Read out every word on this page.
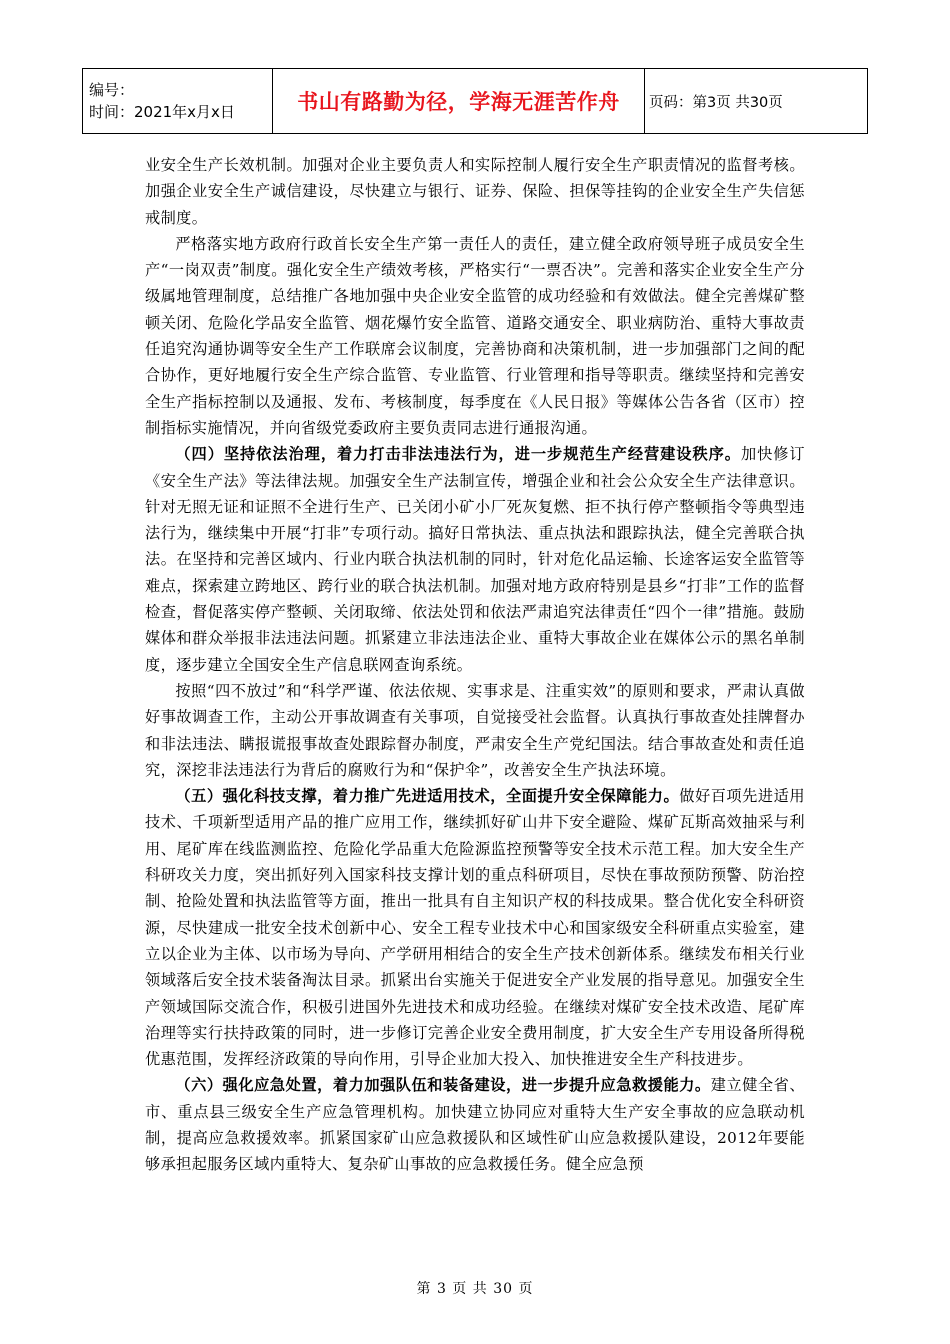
编号：
时间：2021年x月x日	书山有路勤为径，学海无涯苦作舟 页码：第3页 共30页

业安全生产长效机制。加强对企业主要负责人和实际控制人履行安全生产职责情况的监督考核。加强企业安全生产诚信建设，尽快建立与银行、证券、保险、担保等挂钩的企业安全生产失信惩戒制度。

严格落实地方政府行政首长安全生产第一责任人的责任，建立健全政府领导班子成员安全生产“一岗双责”制度。强化安全生产绩效考核，严格实行“一票否决”。完善和落实企业安全生产分级属地管理制度，总结推广各地加强中央企业安全监管的成功经验和有效做法。健全完善煤矿整顿关闭、危险化学品安全监管、烟花爆竹安全监管、道路交通安全、职业病防治、重特大事故责任追究沟通协调等安全生产工作联席会议制度，完善协商和决策机制，进一步加强部门之间的配合协作，更好地履行安全生产综合监管、专业监管、行业管理和指导等职责。继续坚持和完善安全生产指标控制以及通报、发布、考核制度，每季度在《人民日报》等媒体公告各省（区市）控制指标实施情况，并向省级党委政府主要负责同志进行通报沟通。

（四）坚持依法治理，着力打击非法违法行为，进一步规范生产经营建设秩序。加快修订《安全生产法》等法律法规。加强安全生产法制宣传，增强企业和社会公众安全生产法律意识。针对无照无证和证照不全进行生产、已关闭小矿小厂死灰复燃、拒不执行停产整顿指令等典型违法行为，继续集中开展“打非”专项行动。搞好日常执法、重点执法和跟踪执法，健全完善联合执法。在坚持和完善区域内、行业内联合执法机制的同时，针对危化品运输、长途客运安全监管等难点，探索建立跨地区、跨行业的联合执法机制。加强对地方政府特别是县乡“打非”工作的监督检查，督促落实停产整顿、关闭取缔、依法处罚和依法严肃追究法律责任“四个一律”措施。鼓励媒体和群众举报非法违法问题。抓紧建立非法违法企业、重特大事故企业在媒体公示的黑名单制度，逐步建立全国安全生产信息联网查询系统。

按照“四不放过”和“科学严谨、依法依规、实事求是、注重实效”的原则和要求，严肃认真做好事故调查工作，主动公开事故调查有关事项，自觉接受社会监督。认真执行事故查处挂牌督办和非法违法、瞒报谎报事故查处跟踪督办制度，严肃安全生产党纪国法。结合事故查处和责任追究，深挖非法违法行为背后的腐败行为和“保护伞”，改善安全生产执法环境。

（五）强化科技支撑，着力推广先进适用技术，全面提升安全保障能力。做好百项先进适用技术、千项新型适用产品的推广应用工作，继续抓好矿山井下安全避险、煤矿瓦斯高效抽采与利用、尾矿库在线监测监控、危险化学品重大危险源监控预警等安全技术示范工程。加大安全生产科研攻关力度，突出抓好列入国家科技支撑计划的重点科研项目，尽快在事故预防预警、防治控制、抢险处置和执法监管等方面，推出一批具有自主知识产权的科技成果。整合优化安全科研资源，尽快建成一批安全技术创新中心、安全工程专业技术中心和国家级安全科研重点实验室，建立以企业为主体、以市场为导向、产学研用相结合的安全生产技术创新体系。继续发布相关行业领域落后安全技术装备淘汰目录。抓紧出台实施关于促进安全产业发展的指导意见。加强安全生产领域国际交流合作，积极引进国外先进技术和成功经验。在继续对煤矿安全技术改造、尾矿库治理等实行扶持政策的同时，进一步修订完善企业安全费用制度，扩大安全生产专用设备所得税优惠范围，发挥经济政策的导向作用，引导企业加大投入、加快推进安全生产科技进步。

（六）强化应急处置，着力加强队伍和装备建设，进一步提升应急救援能力。建立健全省、市、重点县三级安全生产应急管理机构。加快建立协同应对重特大生产安全事故的应急联动机制，提高应急救援效率。抓紧国家矿山应急救援队和区域性矿山应急救援队建设，2012年要能够承担起服务区域内重特大、复杂矿山事故的应急救援任务。健全应急预

第 3 页 共 30 页
